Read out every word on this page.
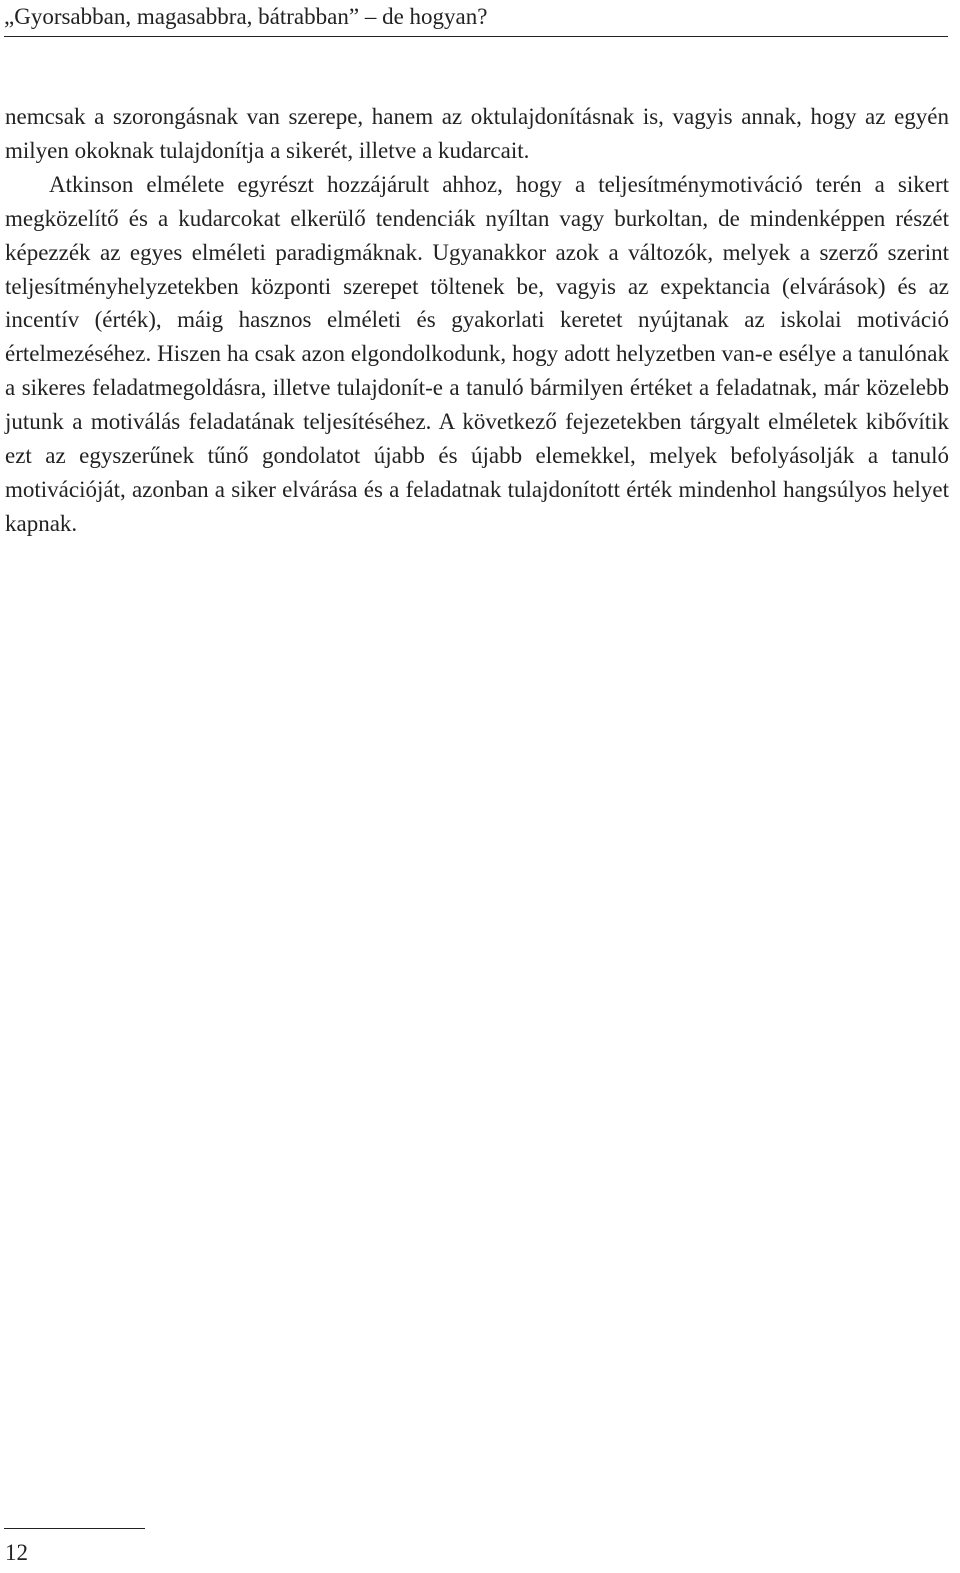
„Gyorsabban, magasabbra, bátrabban” – de hogyan?

nemcsak a szorongásnak van szerepe, hanem az oktulajdonításnak is, vagyis annak, hogy az egyén milyen okoknak tulajdonítja a sikerét, illetve a kudarcait.

Atkinson elmélete egyrészt hozzájárult ahhoz, hogy a teljesítménymotiváció terén a sikert megközelítő és a kudarcokat elkerülő tendenciák nyíltan vagy burkoltan, de mindenképpen részét képezzék az egyes elméleti paradigmáknak. Ugyanakkor azok a változók, melyek a szerző szerint teljesítményhelyzetekben központi szerepet töltenek be, vagyis az expektancia (elvárások) és az incentív (érték), máig hasznos elméleti és gyakorlati keretet nyújtanak az iskolai motiváció értelmezéséhez. Hiszen ha csak azon elgondolkodunk, hogy adott helyzetben van-e esélye a tanulónak a sikeres feladatmegoldásra, illetve tulajdonít-e a tanuló bármilyen értéket a feladatnak, már közelebb jutunk a motiválás feladatának teljesítéséhez. A következő fejezetekben tárgyalt elméletek kibővítik ezt az egyszerűnek tűnő gondolatot újabb és újabb elemekkel, melyek befolyásolják a tanuló motivációját, azonban a siker elvárása és a feladatnak tulajdonított érték mindenhol hangsúlyos helyet kapnak.

12
